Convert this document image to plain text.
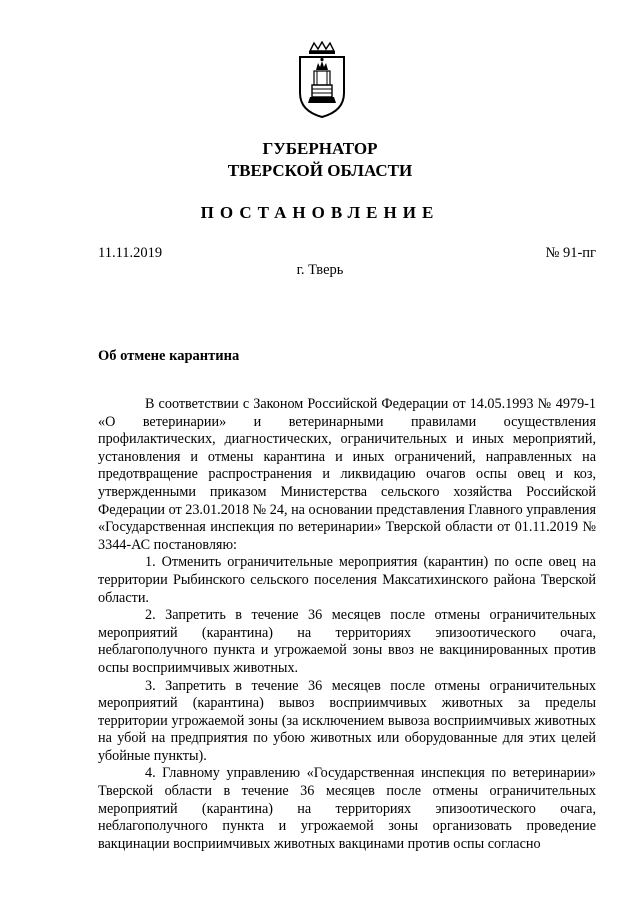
ГУБЕРНАТОР
ТВЕРСКОЙ ОБЛАСТИ
ПОСТАНОВЛЕНИЕ
11.11.2019	№ 91-пг
г. Тверь
Об отмене карантина

В соответствии с Законом Российской Федерации от 14.05.1993 № 4979-1 «О ветеринарии» и ветеринарными правилами осуществления профилактических, диагностических, ограничительных и иных мероприятий, установления и отмены карантина и иных ограничений, направленных на предотвращение распространения и ликвидацию очагов оспы овец и коз, утвержденными приказом Министерства сельского хозяйства Российской Федерации от 23.01.2018 № 24, на основании представления Главного управления «Государственная инспекция по ветеринарии» Тверской области от 01.11.2019 № 3344-АС постановляю:

1. Отменить ограничительные мероприятия (карантин) по оспе овец на территории Рыбинского сельского поселения Максатихинского района Тверской области.

2. Запретить в течение 36 месяцев после отмены ограничительных мероприятий (карантина) на территориях эпизоотического очага, неблагополучного пункта и угрожаемой зоны ввоз не вакцинированных против оспы восприимчивых животных.

3. Запретить в течение 36 месяцев после отмены ограничительных мероприятий (карантина) вывоз восприимчивых животных за пределы территории угрожаемой зоны (за исключением вывоза восприимчивых животных на убой на предприятия по убою животных или оборудованные для этих целей убойные пункты).

4. Главному управлению «Государственная инспекция по ветеринарии» Тверской области в течение 36 месяцев после отмены ограничительных мероприятий (карантина) на территориях эпизоотического очага, неблагополучного пункта и угрожаемой зоны организовать проведение вакцинации восприимчивых животных вакцинами против оспы согласно
